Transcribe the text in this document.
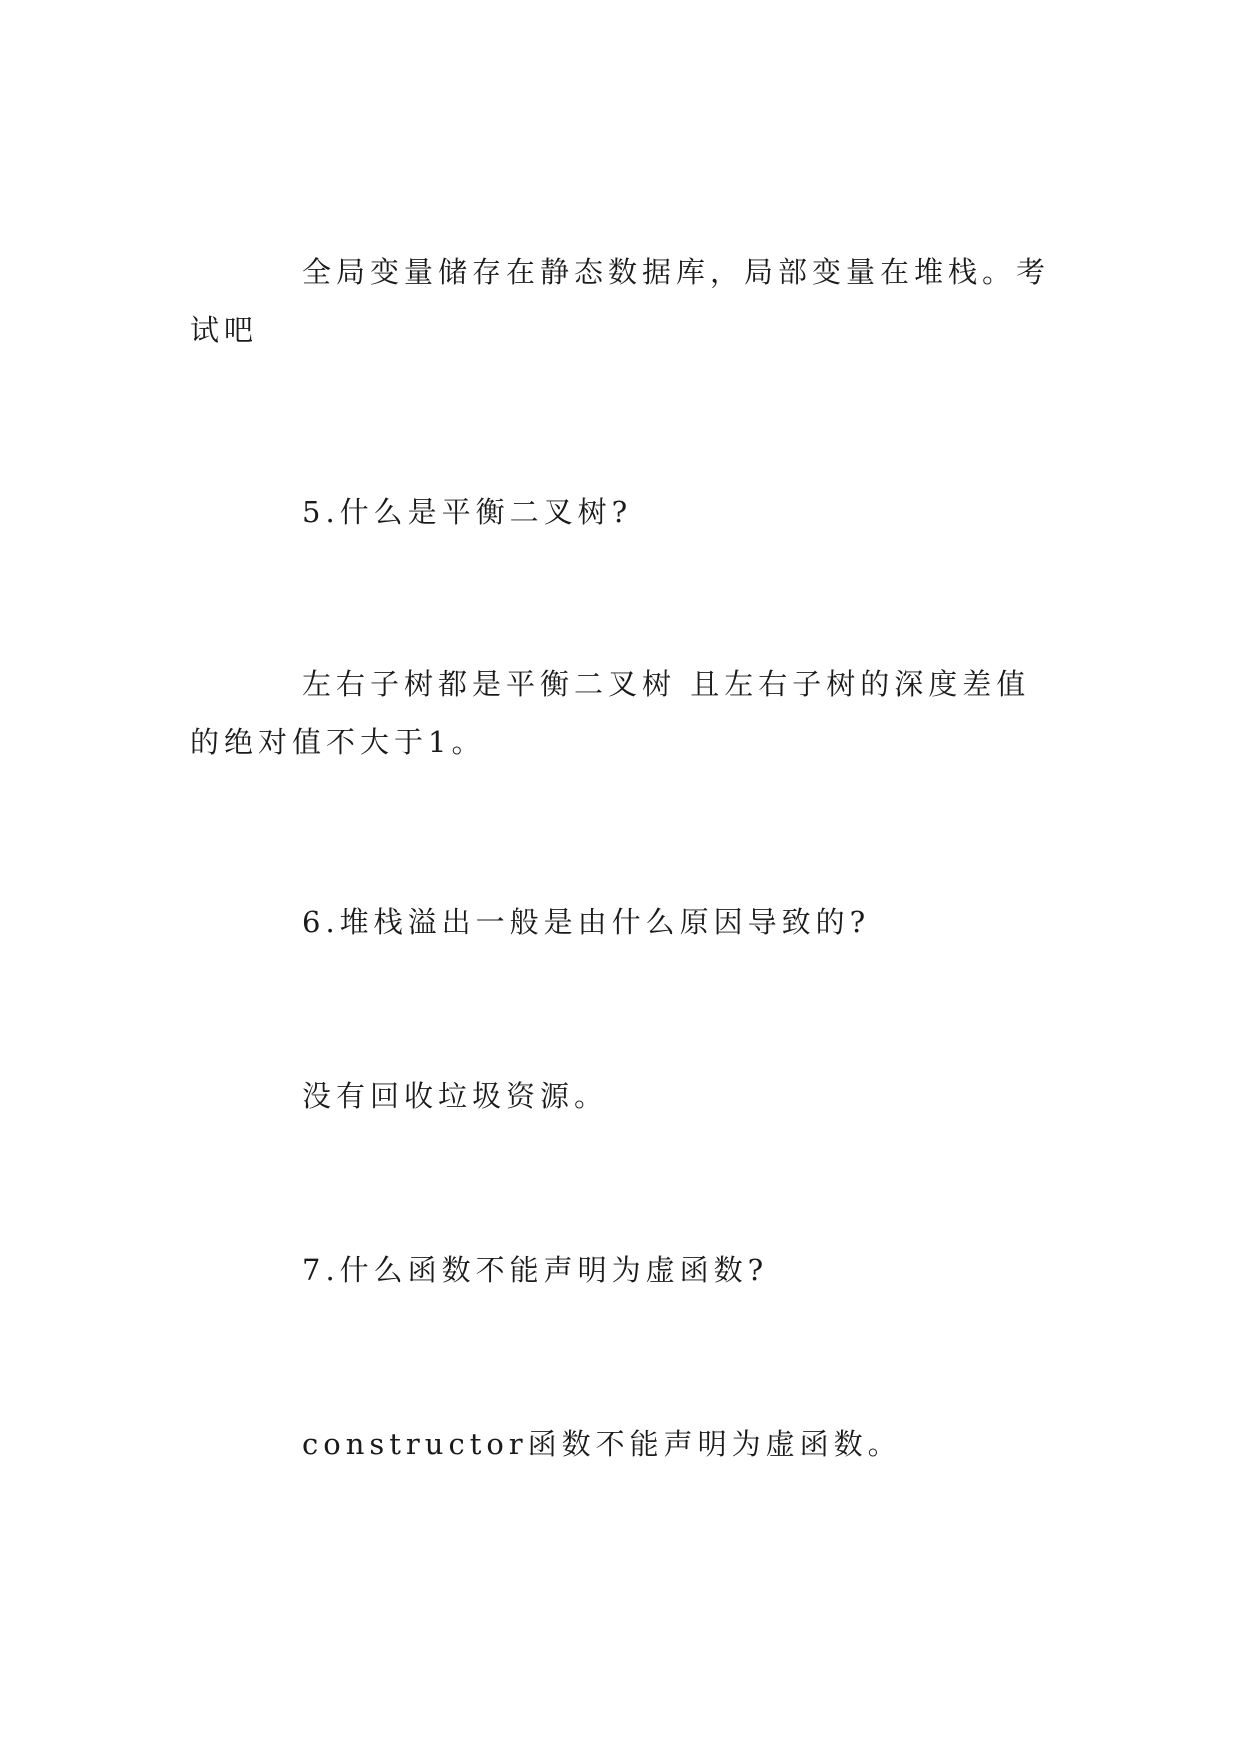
全局变量储存在静态数据库，局部变量在堆栈。考试吧

5.什么是平衡二叉树?

左右子树都是平衡二叉树 且左右子树的深度差值的绝对值不大于1。

6.堆栈溢出一般是由什么原因导致的?

没有回收垃圾资源。

7.什么函数不能声明为虚函数?

constructor函数不能声明为虚函数。
